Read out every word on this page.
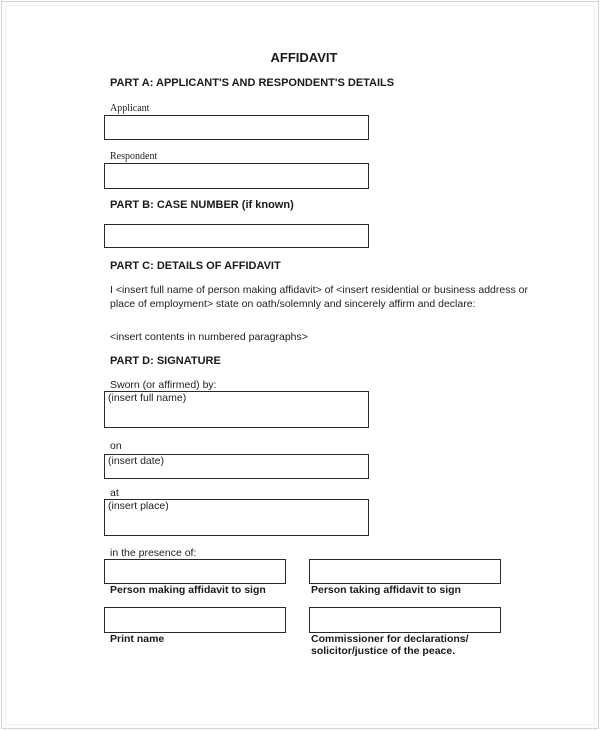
AFFIDAVIT
PART A: APPLICANT'S AND RESPONDENT'S DETAILS
Applicant
Respondent
PART B: CASE NUMBER (if known)
PART C: DETAILS OF AFFIDAVIT
I <insert full name of person making affidavit> of <insert residential or business address or place of employment> state on oath/solemnly and sincerely affirm and declare:
<insert contents in numbered paragraphs>
PART D: SIGNATURE
Sworn (or affirmed) by:
(insert full name)
on
(insert date)
at
(insert place)
in the presence of:
Person making affidavit to sign	Person taking affidavit to sign
Print name	Commissioner for declarations/
solicitor/justice of the peace.
